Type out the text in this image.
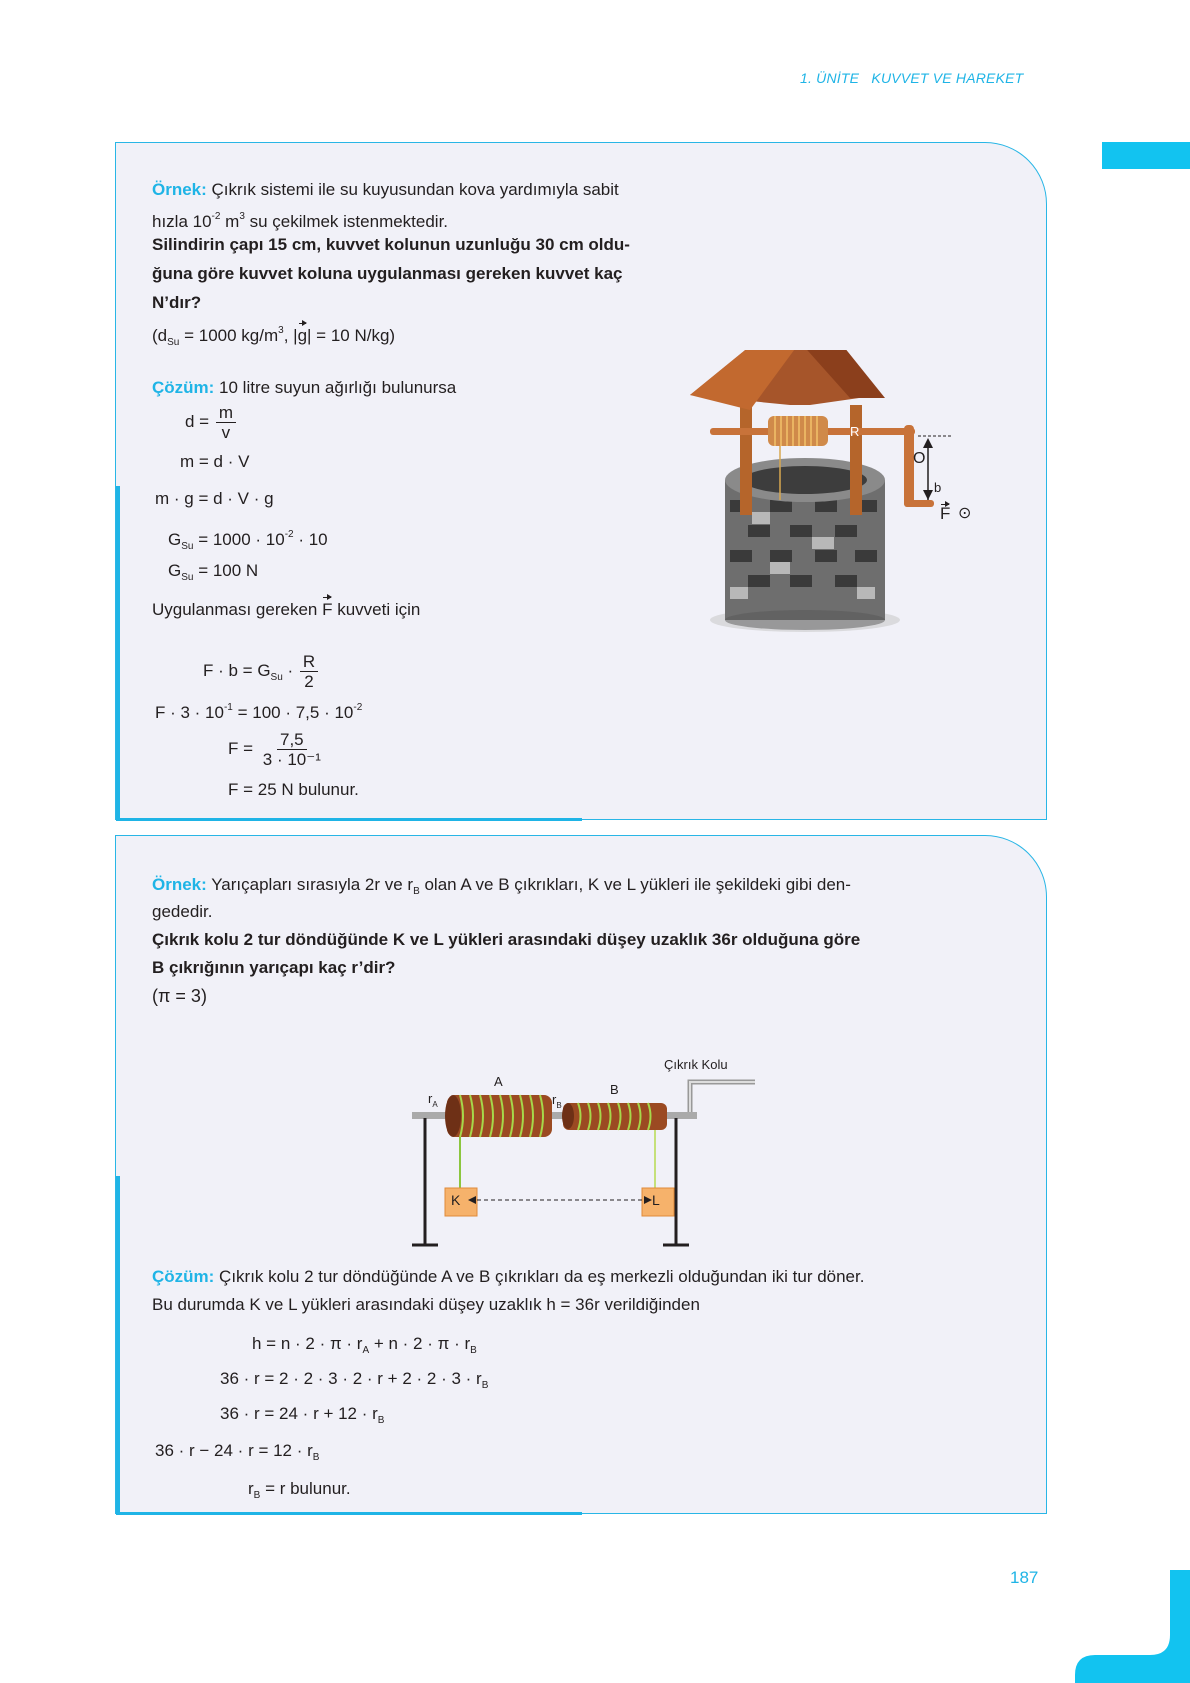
1. ÜNİTE   KUVVET VE HAREKET
Örnek: Çıkrık sistemi ile su kuyusundan kova yardımıyla sabit
hızla $10^{-2}$ $m^3$ su çekilmek istenmektedir.
Silindirin çapı 15 cm, kuvvet kolunun uzunluğu 30 cm oldu-
ğuna göre kuvvet koluna uygulanması gereken kuvvet kaç
N’dır?
($d_{Su} = 1000$ $kg/m^3$, |g| = 10 N/kg)
Çözüm: 10 litre suyun ağırlığı bulunursa
$d = \frac{m}{v}$
m = d · V
m · g = d · V · g
$G_{Su} = 1000 \cdot 10^{-2} \cdot 10$
$G_{Su} = 100$ N
Uygulanması gereken F kuvveti için
$F \cdot b = G_{Su} \cdot \frac{R}{2}$
$F \cdot 3 \cdot 10^{-1} = 100 \cdot 7,5 \cdot 10^{-2}$
$F = \frac{7,5}{\text{3 · 10⁻¹}}$
F = 25 N bulunur.
R
O
b
F ⊙
Örnek: Yarıçapları sırasıyla 2r ve $r_B$ olan A ve B çıkrıkları, K ve L yükleri ile şekildeki gibi den-
gededir.
Çıkrık kolu 2 tur döndüğünde K ve L yükleri arasındaki düşey uzaklık 36r olduğuna göre
B çıkrığının yarıçapı kaç r’dir?
(π = 3)
Çıkrık Kolu
A
B
$r_A$	$r_B$
K	L
Çözüm: Çıkrık kolu 2 tur döndüğünde A ve B çıkrıkları da eş merkezli olduğundan iki tur döner.
Bu durumda K ve L yükleri arasındaki düşey uzaklık h = 36r verildiğinden
$h = n \cdot 2 \cdot \pi \cdot r_A + n \cdot 2 \cdot \pi \cdot r_B$
$36 \cdot r = 2 \cdot 2 \cdot 3 \cdot 2 \cdot r + 2 \cdot 2 \cdot 3 \cdot r_B$
$36 \cdot r = 24 \cdot r + 12 \cdot r_B$
$36 \cdot r - 24 \cdot r = 12 \cdot r_B$
$r_B = r$ bulunur.
187
